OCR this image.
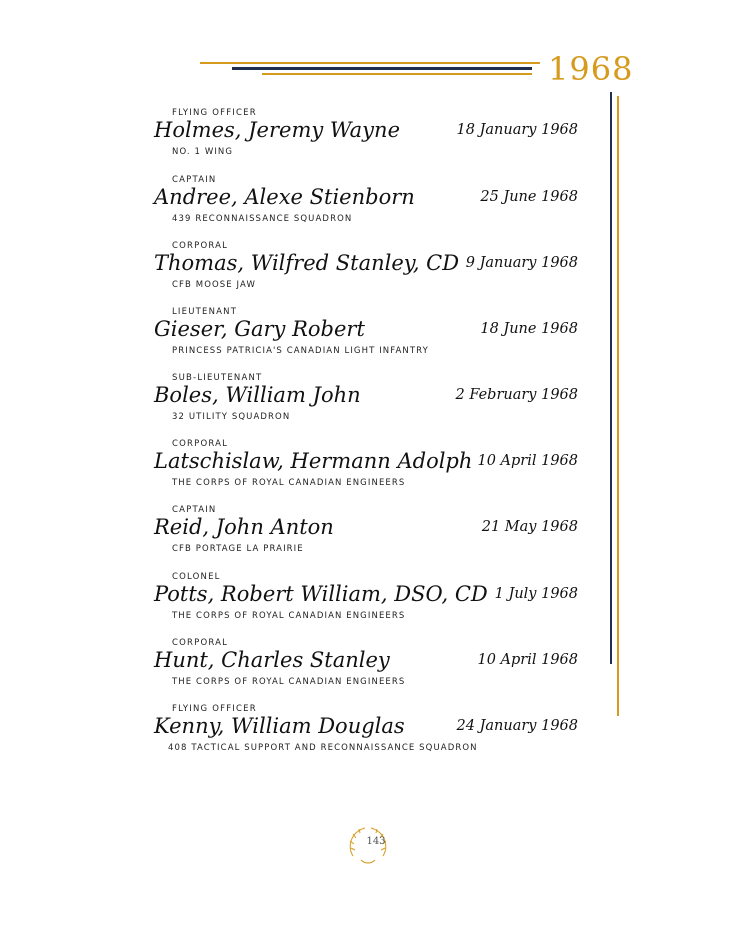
1968
FLYING OFFICER
Holmes, Jeremy Wayne
NO. 1 WING
18 January 1968
CAPTAIN
Andree, Alexe Stienborn
439 RECONNAISSANCE SQUADRON
25 June 1968
CORPORAL
Thomas, Wilfred Stanley, CD
CFB MOOSE JAW
9 January 1968
LIEUTENANT
Gieser, Gary Robert
PRINCESS PATRICIA'S CANADIAN LIGHT INFANTRY
18 June 1968
SUB-LIEUTENANT
Boles, William John
32 UTILITY SQUADRON
2 February 1968
CORPORAL
Latschislaw, Hermann Adolph
THE CORPS OF ROYAL CANADIAN ENGINEERS
10 April 1968
CAPTAIN
Reid, John Anton
CFB PORTAGE LA PRAIRIE
21 May 1968
COLONEL
Potts, Robert William, DSO, CD
THE CORPS OF ROYAL CANADIAN ENGINEERS
1 July 1968
CORPORAL
Hunt, Charles Stanley
THE CORPS OF ROYAL CANADIAN ENGINEERS
10 April 1968
FLYING OFFICER
Kenny, William Douglas
408 TACTICAL SUPPORT AND RECONNAISSANCE SQUADRON
24 January 1968
143
